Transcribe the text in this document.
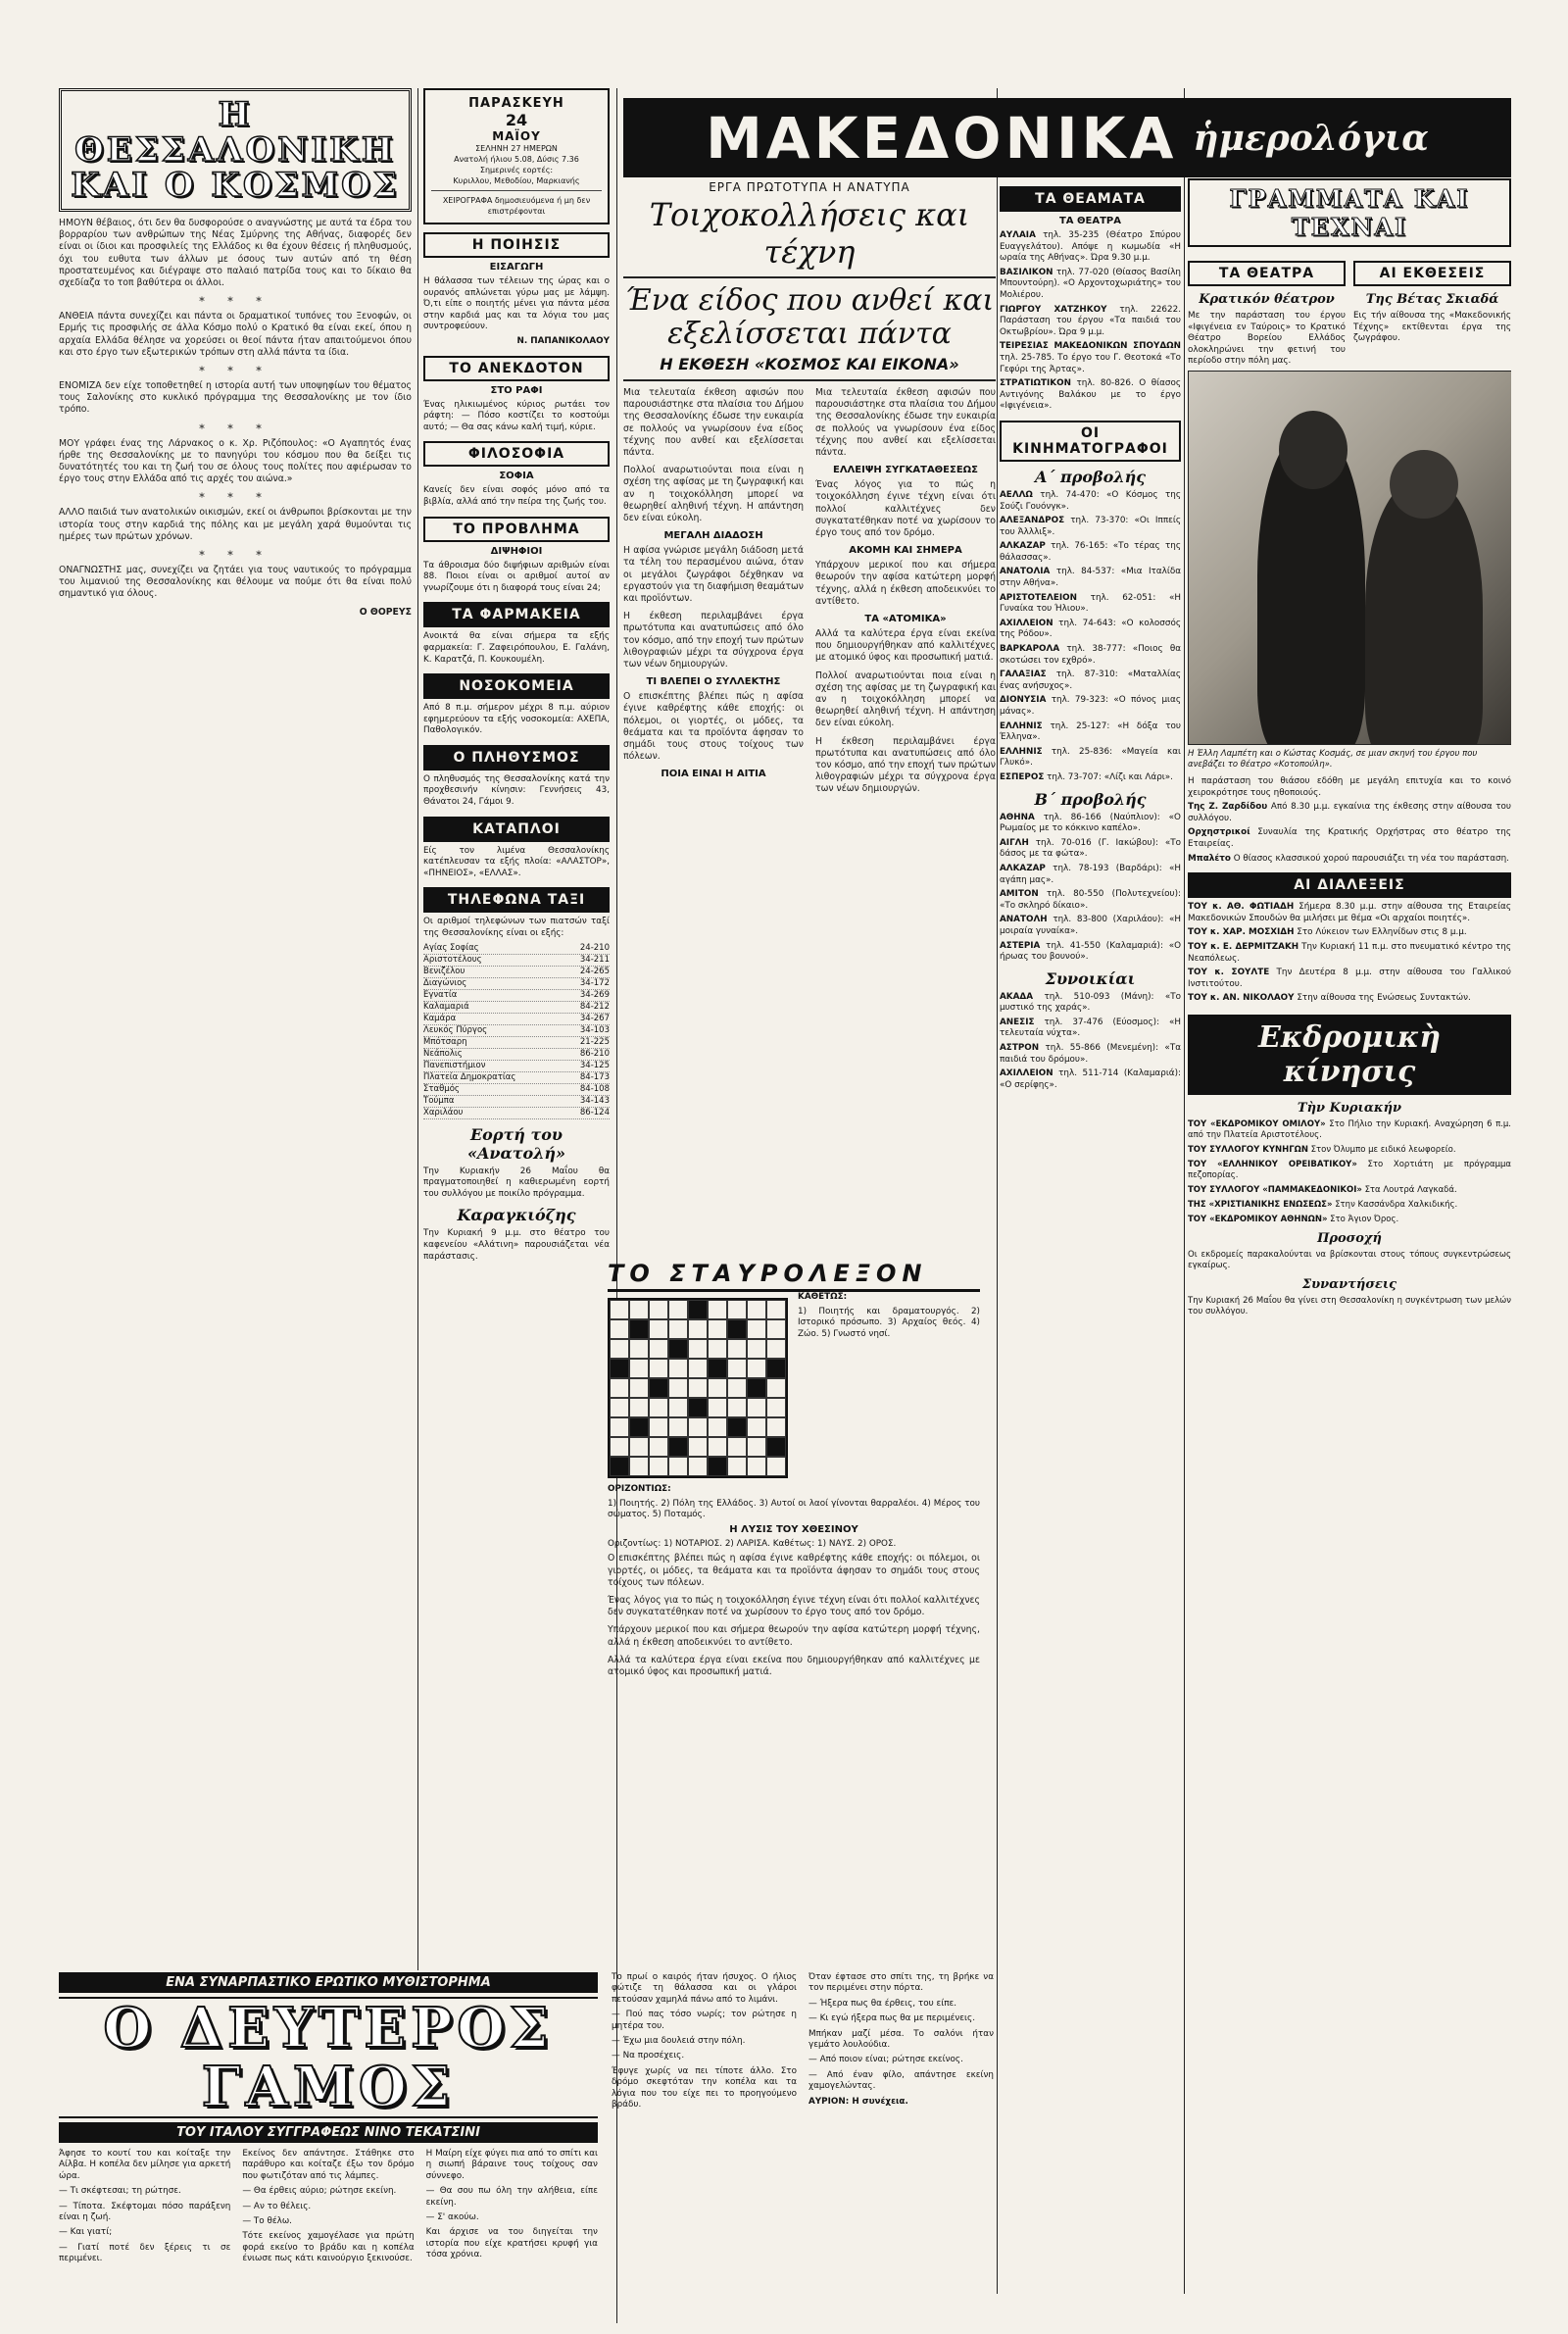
ΜΑΚΕΔΟΝΙΚΑ ἡμερολόγια
Η ΘΕΣΣΑΛΟΝΙΚΗ ΚΑΙ Ο ΚΟΣΜΟΣ

ΗΜΟΥΝ θέβαιος, ότι δεν θα δυσφορούσε ο αναγνώστης με αυτά τα έδρα του βορραρίου των ανθρώπων της Νέας Σμύρνης της Αθήνας, διαφορές δεν είναι οι ίδιοι και προσφιλείς της Ελλάδος κι θα έχουν θέσεις ή πληθυσμούς, όχι του ευθυτα των άλλων με όσους των αυτών από τη θέση προστατευμένος και διέγραψε στο παλαιό πατρίδα τους και το δίκαιο θα σχεδίαζα το τοπ βαθύτερα οι άλλοι.

* * *

ΑΝΘΕΙΑ πάντα συνεχίζει και πάντα οι δραματικοί τυπόνες του Ξενοφών, οι Ερμής τις προσφιλής σε άλλα Κόσμο πολύ ο Κρατικό θα είναι εκεί, όπου η αρχαία Ελλάδα θέλησε να χορεύσει οι θεοί πάντα ήταν απαιτούμενοι όπου και στο έργο των εξωτερικών τρόπων στη αλλά πάντα τα ίδια.

* * *

ΕΝΟΜΙΖΑ δεν είχε τοποθετηθεί η ιστορία αυτή των υποψηφίων του θέματος τους Σαλονίκης στο κυκλικό πρόγραμμα της Θεσσαλονίκης με τον ίδιο τρόπο.

* * *

ΜΟΥ γράφει ένας της Λάρνακος ο κ. Χρ. Ριζόπουλος: «Ο Αγαπητός ένας ήρθε της Θεσσαλονίκης με το πανηγύρι του κόσμου που θα δείξει τις δυνατότητές του και τη ζωή του σε όλους τους πολίτες που αφιέρωσαν το έργο τους στην Ελλάδα από τις αρχές του αιώνα.»

* * *

ΑΛΛΟ παιδιά των ανατολικών οικισμών, εκεί οι άνθρωποι βρίσκονται με την ιστορία τους στην καρδιά της πόλης και με μεγάλη χαρά θυμούνται τις ημέρες των πρώτων χρόνων.

* * *

ΟΝΑΓΝΩΣΤΗΣ μας, συνεχίζει να ζητάει για τους ναυτικούς το πρόγραμμα του λιμανιού της Θεσσαλονίκης και θέλουμε να πούμε ότι θα είναι πολύ σημαντικό για όλους.

Ο ΘΟΡΕΥΣ

ΠΑΡΑΣΚΕΥΗ
24
ΜΑΪΟΥ
ΣΕΛΗΝΗ 27 ΗΜΕΡΩΝ
Ανατολή ήλιου 5.08, Δύσις 7.36
Σημερινές εορτές:
Κυριλλου, Μεθοδίου, Μαρκιανής
ΧΕΙΡΟΓΡΑΦΑ δημοσιευόμενα ή μη δεν επιστρέφονται
Η ΠΟΙΗΣΙΣ
ΕΙΣΑΓΩΓΗ

Η θάλασσα των τέλειων της ώρας και ο ουρανός απλώνεται γύρω μας με λάμψη. Ό,τι είπε ο ποιητής μένει για πάντα μέσα στην καρδιά μας και τα λόγια του μας συντροφεύουν.

Ν. ΠΑΠΑΝΙΚΟΛΑΟΥ

ΤΟ ΑΝΕΚΔΟΤΟΝ
ΣΤΟ ΡΑΦΙ

Ένας ηλικιωμένος κύριος ρωτάει τον ράφτη: — Πόσο κοστίζει το κοστούμι αυτό; — Θα σας κάνω καλή τιμή, κύριε.

ΦΙΛΟΣΟΦΙΑ
ΣΟΦΙΑ

Κανείς δεν είναι σοφός μόνο από τα βιβλία, αλλά από την πείρα της ζωής του.

ΤΟ ΠΡΟΒΛΗΜΑ
ΔΙΨΗΦΙΟΙ

Τα άθροισμα δύο διψήφιων αριθμών είναι 88. Ποιοι είναι οι αριθμοί αυτοί αν γνωρίζουμε ότι η διαφορά τους είναι 24;

ΤΑ ΦΑΡΜΑΚΕΙΑ

Ανοικτά θα είναι σήμερα τα εξής φαρμακεία: Γ. Ζαφειρόπουλου, Ε. Γαλάνη, Κ. Καρατζά, Π. Κουκουμέλη.

ΝΟΣΟΚΟΜΕΙΑ

Από 8 π.μ. σήμερον μέχρι 8 π.μ. αύριον εφημερεύουν τα εξής νοσοκομεία: ΑΧΕΠΑ, Παθολογικόν.

Ο ΠΛΗΘΥΣΜΟΣ

Ο πληθυσμός της Θεσσαλονίκης κατά την προχθεσινήν κίνησιν: Γεννήσεις 43, Θάνατοι 24, Γάμοι 9.

ΚΑΤΑΠΛΟΙ

Είς τον λιμένα Θεσσαλονίκης κατέπλευσαν τα εξής πλοία: «ΑΛΑΣΤΟΡ», «ΠΗΝΕΙΟΣ», «ΕΛΛΑΣ».

ΤΗΛΕΦΩΝΑ ΤΑΞΙ

Οι αριθμοί τηλεφώνων των πιατσών ταξί της Θεσσαλονίκης είναι οι εξής:

Αγίας Σοφίας	24-210
Αριστοτέλους	34-211
Βενιζέλου	24-265
Διαγώνιος	34-172
Εγνατία	34-269
Καλαμαριά	84-212
Καμάρα	34-267
Λευκός Πύργος	34-103
Μπότσαρη	21-225
Νεάπολις	86-210
Πανεπιστήμιον	34-125
Πλατεία Δημοκρατίας	84-173
Σταθμός	84-108
Τούμπα	34-143
Χαριλάου	86-124
Εορτή του «Ανατολή»

Την Κυριακήν 26 Μαΐου θα πραγματοποιηθεί η καθιερωμένη εορτή του συλλόγου με ποικίλο πρόγραμμα.

Καραγκιόζης

Την Κυριακή 9 μ.μ. στο θέατρο του καφενείου «Αλάτινη» παρουσιάζεται νέα παράστασις.

ΕΡΓΑ ΠΡΩΤΟΤΥΠΑ Η ΑΝΑΤΥΠΑ
Τοιχοκολλήσεις και τέχνη
Ένα είδος που ανθεί και εξελίσσεται πάντα
Η ΕΚΘΕΣΗ «ΚΟΣΜΟΣ ΚΑΙ ΕΙΚΟΝΑ»

Μια τελευταία έκθεση αφισών που παρουσιάστηκε στα πλαίσια του Δήμου της Θεσσαλονίκης έδωσε την ευκαιρία σε πολλούς να γνωρίσουν ένα είδος τέχνης που ανθεί και εξελίσσεται πάντα.

Πολλοί αναρωτιούνται ποια είναι η σχέση της αφίσας με τη ζωγραφική και αν η τοιχοκόλληση μπορεί να θεωρηθεί αληθινή τέχνη. Η απάντηση δεν είναι εύκολη.

ΜΕΓΑΛΗ ΔΙΑΔΟΣΗ

Η αφίσα γνώρισε μεγάλη διάδοση μετά τα τέλη του περασμένου αιώνα, όταν οι μεγάλοι ζωγράφοι δέχθηκαν να εργαστούν για τη διαφήμιση θεαμάτων και προϊόντων.

Η έκθεση περιλαμβάνει έργα πρωτότυπα και ανατυπώσεις από όλο τον κόσμο, από την εποχή των πρώτων λιθογραφιών μέχρι τα σύγχρονα έργα των νέων δημιουργών.

ΤΙ ΒΛΕΠΕΙ Ο ΣΥΛΛΕΚΤΗΣ

Ο επισκέπτης βλέπει πώς η αφίσα έγινε καθρέφτης κάθε εποχής: οι πόλεμοι, οι γιορτές, οι μόδες, τα θεάματα και τα προϊόντα άφησαν το σημάδι τους στους τοίχους των πόλεων.

ΠΟΙΑ ΕΙΝΑΙ Η ΑΙΤΙΑ

Μια τελευταία έκθεση αφισών που παρουσιάστηκε στα πλαίσια του Δήμου της Θεσσαλονίκης έδωσε την ευκαιρία σε πολλούς να γνωρίσουν ένα είδος τέχνης που ανθεί και εξελίσσεται πάντα.

ΕΛΛΕΙΨΗ ΣΥΓΚΑΤΑΘΕΣΕΩΣ

Ένας λόγος για το πώς η τοιχοκόλληση έγινε τέχνη είναι ότι πολλοί καλλιτέχνες δεν συγκατατέθηκαν ποτέ να χωρίσουν το έργο τους από τον δρόμο.

ΑΚΟΜΗ ΚΑΙ ΣΗΜΕΡΑ

Υπάρχουν μερικοί που και σήμερα θεωρούν την αφίσα κατώτερη μορφή τέχνης, αλλά η έκθεση αποδεικνύει το αντίθετο.

ΤΑ «ΑΤΟΜΙΚΑ»

Αλλά τα καλύτερα έργα είναι εκείνα που δημιουργήθηκαν από καλλιτέχνες με ατομικό ύφος και προσωπική ματιά.

Πολλοί αναρωτιούνται ποια είναι η σχέση της αφίσας με τη ζωγραφική και αν η τοιχοκόλληση μπορεί να θεωρηθεί αληθινή τέχνη. Η απάντηση δεν είναι εύκολη.

Η έκθεση περιλαμβάνει έργα πρωτότυπα και ανατυπώσεις από όλο τον κόσμο, από την εποχή των πρώτων λιθογραφιών μέχρι τα σύγχρονα έργα των νέων δημιουργών.

ΤΟ ΣΤΑΥΡΟΛΕΞΟΝ

ΚΑΘΕΤΩΣ:

1) Ποιητής και δραματουργός. 2) Ιστορικό πρόσωπο. 3) Αρχαίος θεός. 4) Ζώο. 5) Γνωστό νησί.

ΟΡΙΖΟΝΤΙΩΣ:

1) Ποιητής. 2) Πόλη της Ελλάδος. 3) Αυτοί οι λαοί γίνονται θαρραλέοι. 4) Μέρος του σώματος. 5) Ποταμός.

Η ΛΥΣΙΣ ΤΟΥ ΧΘΕΣΙΝΟΥ

Οριζοντίως: 1) ΝΟΤΑΡΙΟΣ. 2) ΛΑΡΙΣΑ. Καθέτως: 1) ΝΑΥΣ. 2) ΟΡΟΣ.

Ο επισκέπτης βλέπει πώς η αφίσα έγινε καθρέφτης κάθε εποχής: οι πόλεμοι, οι γιορτές, οι μόδες, τα θεάματα και τα προϊόντα άφησαν το σημάδι τους στους τοίχους των πόλεων.

Ένας λόγος για το πώς η τοιχοκόλληση έγινε τέχνη είναι ότι πολλοί καλλιτέχνες δεν συγκατατέθηκαν ποτέ να χωρίσουν το έργο τους από τον δρόμο.

Υπάρχουν μερικοί που και σήμερα θεωρούν την αφίσα κατώτερη μορφή τέχνης, αλλά η έκθεση αποδεικνύει το αντίθετο.

Αλλά τα καλύτερα έργα είναι εκείνα που δημιουργήθηκαν από καλλιτέχνες με ατομικό ύφος και προσωπική ματιά.

ΤΑ ΘΕΑΜΑΤΑ
ΤΑ ΘΕΑΤΡΑ

ΑΥΛΑΙΑ τηλ. 35-235 (Θέατρο Σπύρου Ευαγγελάτου). Απόψε η κωμωδία «Η ωραία της Αθήνας». Ώρα 9.30 μ.μ.

ΒΑΣΙΛΙΚΟΝ τηλ. 77-020 (Θίασος Βασίλη Μπουντούρη). «Ο Αρχοντοχωριάτης» του Μολιέρου.

ΓΙΩΡΓΟΥ ΧΑΤΖΗΚΟΥ τηλ. 22622. Παράσταση του έργου «Τα παιδιά του Οκτωβρίου». Ώρα 9 μ.μ.

ΤΕΙΡΕΣΙΑΣ ΜΑΚΕΔΟΝΙΚΩΝ ΣΠΟΥΔΩΝ τηλ. 25-785. Το έργο του Γ. Θεοτοκά «Το Γεφύρι της Άρτας».

ΣΤΡΑΤΙΩΤΙΚΟΝ τηλ. 80-826. Ο θίασος Αντιγόνης Βαλάκου με το έργο «Ιφιγένεια».

ΟΙ ΚΙΝΗΜΑΤΟΓΡΑΦΟΙ
Α΄ προβολής

ΑΕΛΛΩ τηλ. 74-470: «Ο Κόσμος της Σούζι Γουόνγκ».

ΑΛΕΞΑΝΔΡΟΣ τηλ. 73-370: «Οι Ιππείς του Άλλλιξ».

ΑΛΚΑΖΑΡ τηλ. 76-165: «Το τέρας της θάλασσας».

ΑΝΑΤΟΛΙΑ τηλ. 84-537: «Μια Ιταλίδα στην Αθήνα».

ΑΡΙΣΤΟΤΕΛΕΙΟΝ τηλ. 62-051: «Η Γυναίκα του Ήλιου».

ΑΧΙΛΛΕΙΟΝ τηλ. 74-643: «Ο κολοσσός της Ρόδου».

ΒΑΡΚΑΡΟΛΑ τηλ. 38-777: «Ποιος θα σκοτώσει τον εχθρό».

ΓΑΛΑΞΙΑΣ τηλ. 87-310: «Ματαλλίας ένας ανήσυχος».

ΔΙΟΝΥΣΙΑ τηλ. 79-323: «Ο πόνος μιας μάνας».

ΕΛΛΗΝΙΣ τηλ. 25-127: «Η δόξα του Έλληνα».

ΕΛΛΗΝΙΣ τηλ. 25-836: «Μαγεία και Γλυκό».

ΕΣΠΕΡΟΣ τηλ. 73-707: «Λίζι και Λάρι».

Β΄ προβολής

ΑΘΗΝΑ τηλ. 86-166 (Ναύπλιον): «Ο Ρωμαίος με το κόκκινο καπέλο».

ΑΙΓΛΗ τηλ. 70-016 (Γ. Ιακώβου): «Το δάσος με τα φώτα».

ΑΛΚΑΖΑΡ τηλ. 78-193 (Βαρδάρι): «Η αγάπη μας».

ΑΜΙΤΟΝ τηλ. 80-550 (Πολυτεχνείου): «Το σκληρό δίκαιο».

ΑΝΑΤΟΛΗ τηλ. 83-800 (Χαριλάου): «Η μοιραία γυναίκα».

ΑΣΤΕΡΙΑ τηλ. 41-550 (Καλαμαριά): «Ο ήρωας του βουνού».

Συνοικίαι

ΑΚΑΔΑ τηλ. 510-093 (Μάνη): «Το μυστικό της χαράς».

ΑΝΕΣΙΣ τηλ. 37-476 (Εύοσμος): «Η τελευταία νύχτα».

ΑΣΤΡΟΝ τηλ. 55-866 (Μενεμένη): «Τα παιδιά του δρόμου».

ΑΧΙΛΛΕΙΟΝ τηλ. 511-714 (Καλαμαριά): «Ο σερίφης».

ΓΡΑΜΜΑΤΑ ΚΑΙ ΤΕΧΝΑΙ
ΤΑ ΘΕΑΤΡΑ
Κρατικόν θέατρον

Με την παράσταση του έργου «Ιφιγένεια εν Ταύροις» το Κρατικό Θέατρο Βορείου Ελλάδος ολοκληρώνει την φετινή του περίοδο στην πόλη μας.

ΑΙ ΕΚΘΕΣΕΙΣ
Της Βέτας Σκιαδά

Εις τήν αίθουσα της «Μακεδονικής Τέχνης» εκτίθενται έργα της ζωγράφου.

Η Έλλη Λαμπέτη και ο Κώστας Κοσμάς, σε μιαν σκηνή του έργου που ανεβάζει το θέατρο «Κοτοπούλη».

Η παράσταση του θιάσου εδόθη με μεγάλη επιτυχία και το κοινό χειροκρότησε τους ηθοποιούς.

Της Ζ. Ζαρδίδου Από 8.30 μ.μ. εγκαίνια της έκθεσης στην αίθουσα του συλλόγου.

Ορχηστρικοί Συναυλία της Κρατικής Ορχήστρας στο θέατρο της Εταιρείας.

Μπαλέτο Ο θίασος κλασσικού χορού παρουσιάζει τη νέα του παράσταση.

ΑΙ ΔΙΑΛΕΞΕΙΣ

ΤΟΥ κ. ΑΘ. ΦΩΤΙΑΔΗ Σήμερα 8.30 μ.μ. στην αίθουσα της Εταιρείας Μακεδονικών Σπουδών θα μιλήσει με θέμα «Οι αρχαίοι ποιητές».

ΤΟΥ κ. ΧΑΡ. ΜΟΣΧΙΔΗ Στο Λύκειον των Ελληνίδων στις 8 μ.μ.

ΤΟΥ κ. Ε. ΔΕΡΜΙΤΖΑΚΗ Την Κυριακή 11 π.μ. στο πνευματικό κέντρο της Νεαπόλεως.

ΤΟΥ κ. ΣΟΥΛΤΕ Την Δευτέρα 8 μ.μ. στην αίθουσα του Γαλλικού Ινστιτούτου.

ΤΟΥ κ. ΑΝ. ΝΙΚΟΛΑΟΥ Στην αίθουσα της Ενώσεως Συντακτών.

Εκδρομικὴ κίνησις
Τὴν Κυριακήν

ΤΟΥ «ΕΚΔΡΟΜΙΚΟΥ ΟΜΙΛΟΥ» Στο Πήλιο την Κυριακή. Αναχώρηση 6 π.μ. από την Πλατεία Αριστοτέλους.

ΤΟΥ ΣΥΛΛΟΓΟΥ ΚΥΝΗΓΩΝ Στον Όλυμπο με ειδικό λεωφορείο.

ΤΟΥ «ΕΛΛΗΝΙΚΟΥ ΟΡΕΙΒΑΤΙΚΟΥ» Στο Χορτιάτη με πρόγραμμα πεζοπορίας.

ΤΟΥ ΣΥΛΛΟΓΟΥ «ΠΑΜΜΑΚΕΔΟΝΙΚΟΙ» Στα Λουτρά Λαγκαδά.

ΤΗΣ «ΧΡΙΣΤΙΑΝΙΚΗΣ ΕΝΩΣΕΩΣ» Στην Κασσάνδρα Χαλκιδικής.

ΤΟΥ «ΕΚΔΡΟΜΙΚΟΥ ΑΘΗΝΩΝ» Στο Άγιον Όρος.

Προσοχή

Οι εκδρομείς παρακαλούνται να βρίσκονται στους τόπους συγκεντρώσεως εγκαίρως.

Συναντήσεις

Την Κυριακή 26 Μαΐου θα γίνει στη Θεσσαλονίκη η συγκέντρωση των μελών του συλλόγου.

ΕΝΑ ΣΥΝΑΡΠΑΣΤΙΚΟ ΕΡΩΤΙΚΟ ΜΥΘΙΣΤΟΡΗΜΑ
Ο ΔΕΥΤΕΡΟΣ ΓΑΜΟΣ
ΤΟΥ ΙΤΑΛΟΥ ΣΥΓΓΡΑΦΕΩΣ ΝΙΝΟ ΤΕΚΑΤΣΙΝΙ

Άφησε το κουτί του και κοίταξε την Αίλβα. Η κοπέλα δεν μίλησε για αρκετή ώρα.

— Τι σκέφτεσαι; τη ρώτησε.

— Τίποτα. Σκέφτομαι πόσο παράξενη είναι η ζωή.

— Και γιατί;

— Γιατί ποτέ δεν ξέρεις τι σε περιμένει.

Εκείνος δεν απάντησε. Στάθηκε στο παράθυρο και κοίταζε έξω τον δρόμο που φωτιζόταν από τις λάμπες.

— Θα έρθεις αύριο; ρώτησε εκείνη.

— Αν το θέλεις.

— Το θέλω.

Τότε εκείνος χαμογέλασε για πρώτη φορά εκείνο το βράδυ και η κοπέλα ένιωσε πως κάτι καινούργιο ξεκινούσε.

Η Μαίρη είχε φύγει πια από το σπίτι και η σιωπή βάραινε τους τοίχους σαν σύννεφο.

— Θα σου πω όλη την αλήθεια, είπε εκείνη.

— Σ' ακούω.

Και άρχισε να του διηγείται την ιστορία που είχε κρατήσει κρυφή για τόσα χρόνια.

Το πρωί ο καιρός ήταν ήσυχος. Ο ήλιος φώτιζε τη θάλασσα και οι γλάροι πετούσαν χαμηλά πάνω από το λιμάνι.

— Πού πας τόσο νωρίς; τον ρώτησε η μητέρα του.

— Έχω μια δουλειά στην πόλη.

— Να προσέχεις.

Έφυγε χωρίς να πει τίποτε άλλο. Στο δρόμο σκεφτόταν την κοπέλα και τα λόγια που του είχε πει το προηγούμενο βράδυ.

Όταν έφτασε στο σπίτι της, τη βρήκε να τον περιμένει στην πόρτα.

— Ήξερα πως θα έρθεις, του είπε.

— Κι εγώ ήξερα πως θα με περιμένεις.

Μπήκαν μαζί μέσα. Το σαλόνι ήταν γεμάτο λουλούδια.

— Από ποιον είναι; ρώτησε εκείνος.

— Από έναν φίλο, απάντησε εκείνη χαμογελώντας.

ΑΥΡΙΟΝ: Η συνέχεια.
